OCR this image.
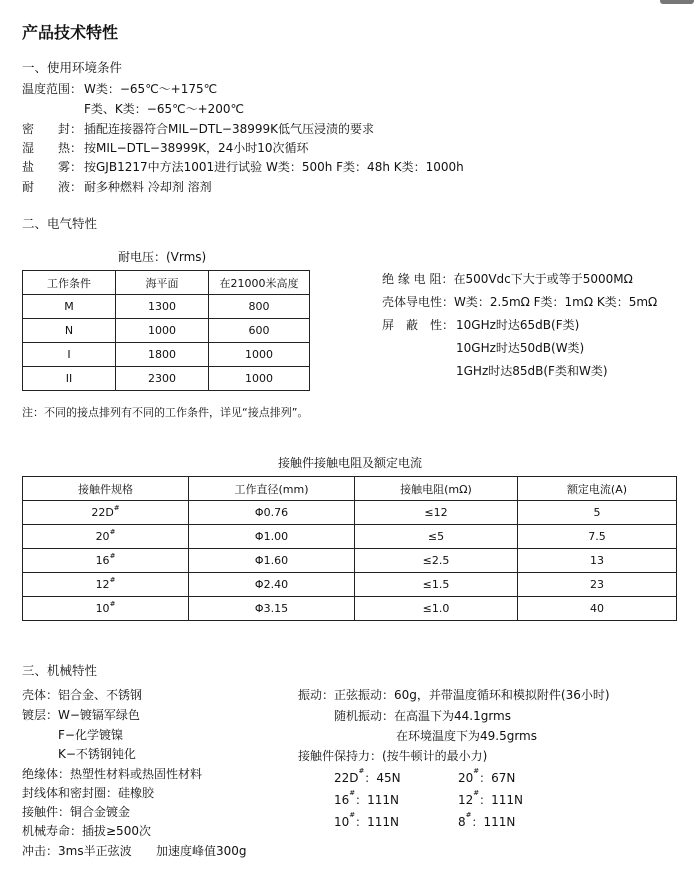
产品技术特性
一、使用环境条件
温度范围： W类：−65℃～+175℃
F类、K类：−65℃～+200℃
密　　封： 插配连接器符合MIL−DTL−38999K低气压浸渍的要求
湿　　热： 按MIL−DTL−38999K，24小时10次循环
盐　　雾： 按GJB1217中方法1001进行试验 W类：500h F类：48h K类：1000h
耐　　液： 耐多种燃料 冷却剂 溶剂
二、电气特性
耐电压：(Vrms)
工作条件	海平面	在21000米高度
M	1300	800
N	1000	600
I	1800	1000
II	2300	1000
绝 缘 电 阻：在500Vdc下大于或等于5000MΩ
壳体导电性：W类：2.5mΩ F类：1mΩ K类：5mΩ
屏　蔽　性： 10GHz时达65dB(F类)
10GHz时达50dB(W类)
1GHz时达85dB(F类和W类)
注：不同的接点排列有不同的工作条件，详见“接点排列”。
接触件接触电阻及额定电流
接触件规格	工作直径(mm)	接触电阻(mΩ)	额定电流(A)
22D#	Φ0.76	≤12	5
20#	Φ1.00	≤5	7.5
16#	Φ1.60	≤2.5	13
12#	Φ2.40	≤1.5	23
10#	Φ3.15	≤1.0	40
三、机械特性
壳体：铝合金、不锈钢
镀层：W−镀镉军绿色
F−化学镀镍
K−不锈钢钝化
绝缘体：热塑性材料或热固性材料
封线体和密封圈：硅橡胶
接触件：铜合金镀金
机械寿命：插拔≥500次
冲击：3ms半正弦波 加速度峰值300g
振动：正弦振动：60g，并带温度循环和模拟附件(36小时)
随机振动：在高温下为44.1grms
在环境温度下为49.5grms
接触件保持力：(按牛顿计的最小力)
22D#：45N	20#：67N
16#：111N	12#：111N
10#：111N	8#：111N
